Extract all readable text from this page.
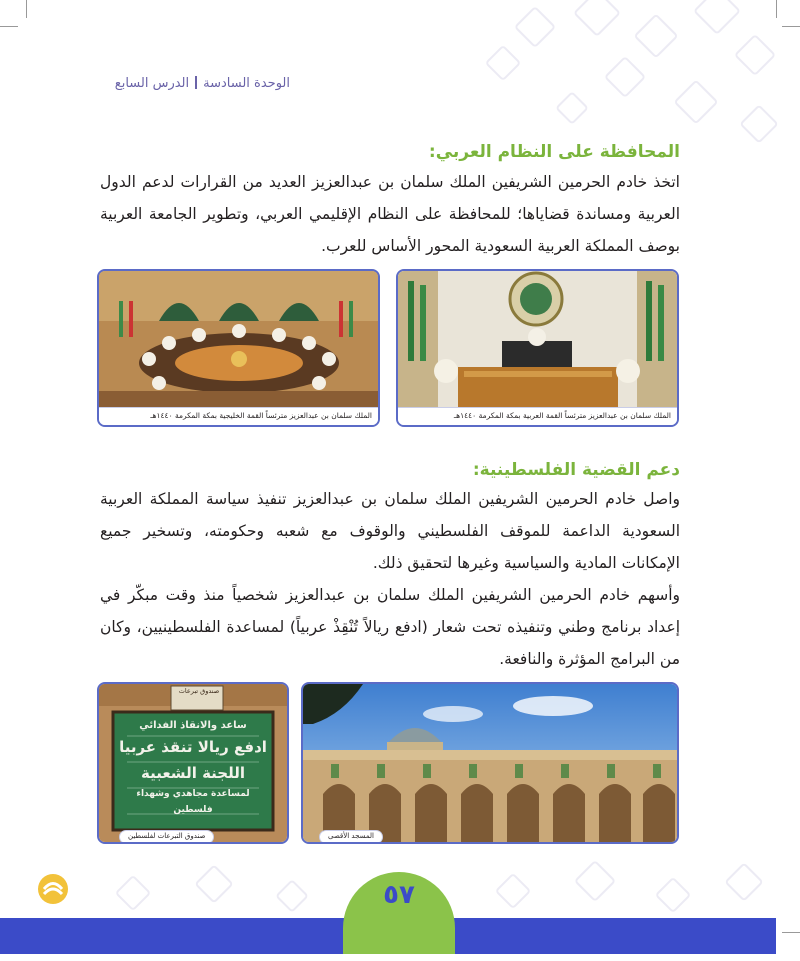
الوحدة السادسةالدرس السابع
المحافظة على النظام العربي:

اتخذ خادم الحرمين الشريفين الملك سلمان بن عبدالعزيز العديد من القرارات لدعم الدول العربية ومساندة قضاياها؛ للمحافظة على النظام الإقليمي العربي، وتطوير الجامعة العربية بوصف المملكة العربية السعودية المحور الأساس للعرب.

الملك سلمان بن عبدالعزيز مترئساً القمة العربية بمكة المكرمة ١٤٤٠هـ
الملك سلمان بن عبدالعزيز مترئساً القمة الخليجية بمكة المكرمة ١٤٤٠هـ
دعم القضية الفلسطينية:

واصل خادم الحرمين الشريفين الملك سلمان بن عبدالعزيز تنفيذ سياسة المملكة العربية السعودية الداعمة للموقف الفلسطيني والوقوف مع شعبه وحكومته، وتسخير جميع الإمكانات المادية والسياسية وغيرها لتحقيق ذلك.

وأسهم خادم الحرمين الشريفين الملك سلمان بن عبدالعزيز شخصياً منذ وقت مبكّر في إعداد برنامج وطني وتنفيذه تحت شعار (ادفع ريالاً تُنْقِذْ عربياً) لمساعدة الفلسطينيين، وكان من البرامج المؤثرة والنافعة.

المسجد الأقصى
صندوق تبرعات
ساعد والانقاذ الفدائي
ادفع ريالا تنقذ عربيا
اللجنة الشعبية
لمساعدة مجاهدي وشهداء فلسطين
صندوق التبرعات لفلسطين
٥٧
